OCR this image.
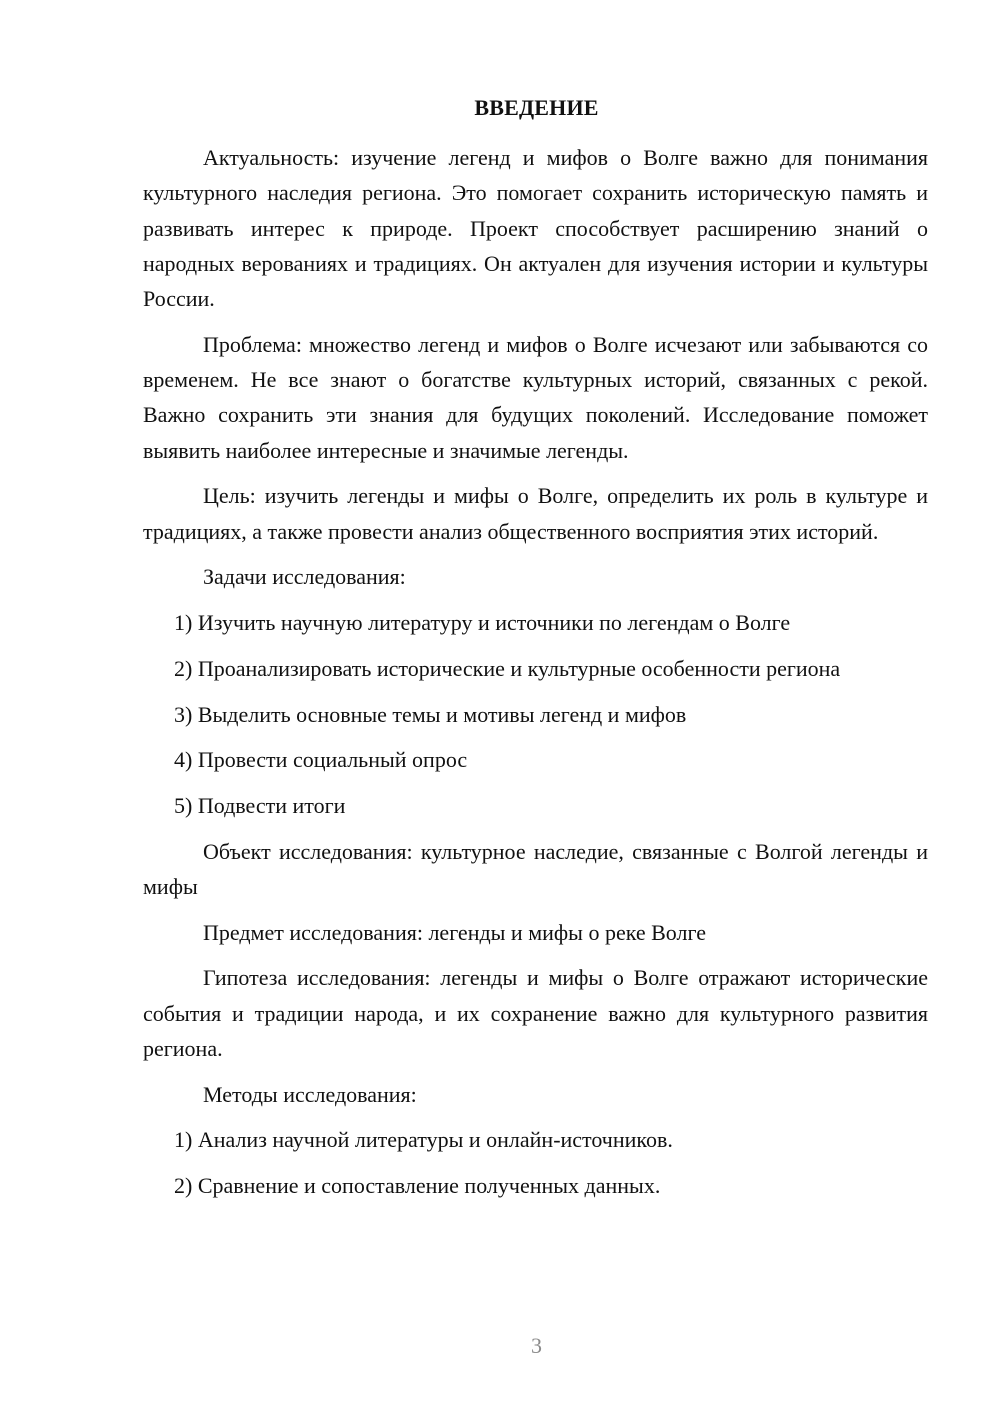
ВВЕДЕНИЕ

Актуальность: изучение легенд и мифов о Волге важно для понимания культурного наследия региона. Это помогает сохранить историческую память и развивать интерес к природе. Проект способствует расширению знаний о народных верованиях и традициях. Он актуален для изучения истории и культуры России.

Проблема: множество легенд и мифов о Волге исчезают или забываются со временем. Не все знают о богатстве культурных историй, связанных с рекой. Важно сохранить эти знания для будущих поколений. Исследование поможет выявить наиболее интересные и значимые легенды.

Цель: изучить легенды и мифы о Волге, определить их роль в культуре и традициях, а также провести анализ общественного восприятия этих историй.

Задачи исследования:

1) Изучить научную литературу и источники по легендам о Волге

2) Проанализировать исторические и культурные особенности региона

3) Выделить основные темы и мотивы легенд и мифов

4) Провести социальный опрос

5) Подвести итоги

Объект исследования: культурное наследие, связанные с Волгой легенды и мифы

Предмет исследования: легенды и мифы о реке Волге

Гипотеза исследования: легенды и мифы о Волге отражают исторические события и традиции народа, и их сохранение важно для культурного развития региона.

Методы исследования:

1) Анализ научной литературы и онлайн-источников.

2) Сравнение и сопоставление полученных данных.

3
